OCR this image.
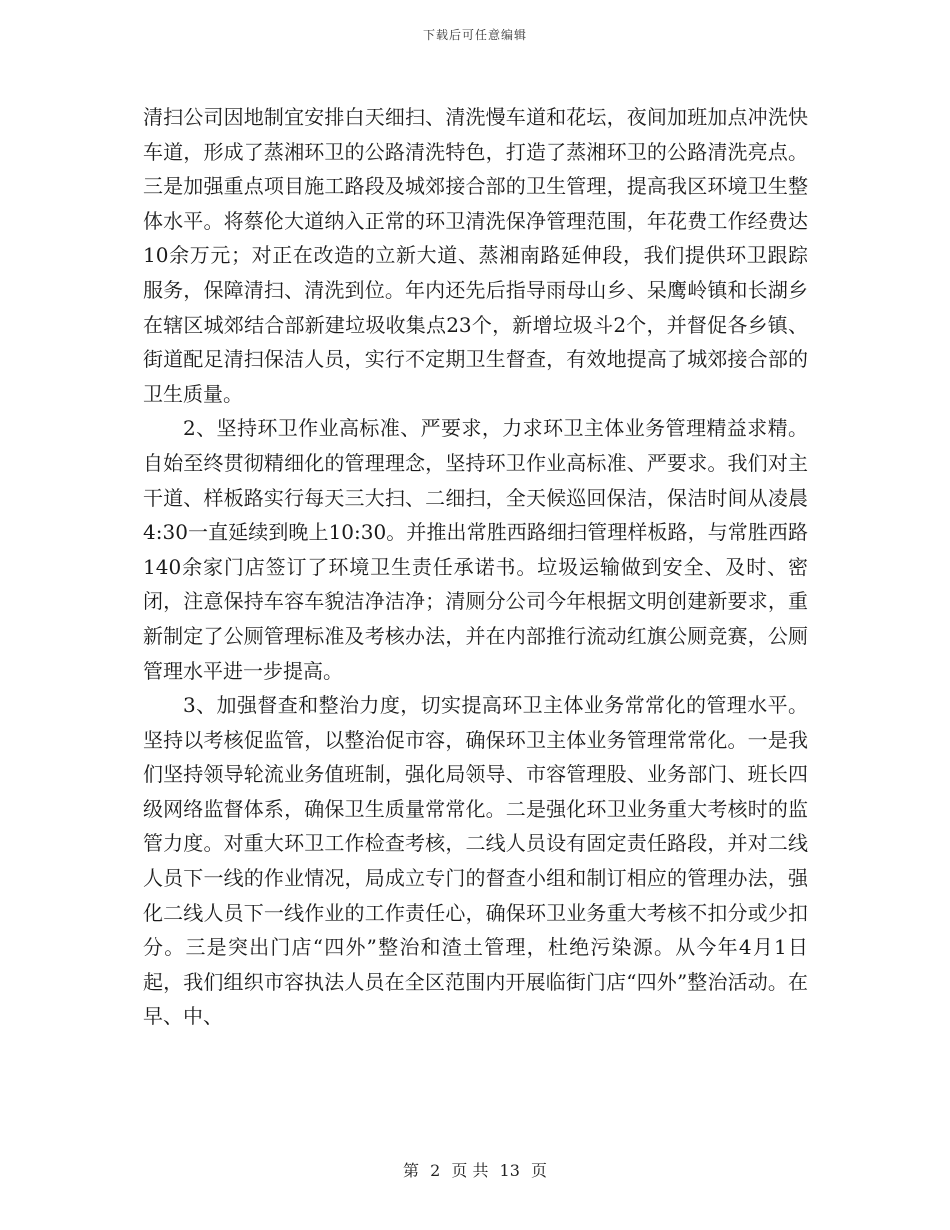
下载后可任意编辑

清扫公司因地制宜安排白天细扫、清洗慢车道和花坛，夜间加班加点冲洗快车道，形成了蒸湘环卫的公路清洗特色，打造了蒸湘环卫的公路清洗亮点。三是加强重点项目施工路段及城郊接合部的卫生管理，提高我区环境卫生整体水平。将蔡伦大道纳入正常的环卫清洗保净管理范围，年花费工作经费达10余万元；对正在改造的立新大道、蒸湘南路延伸段，我们提供环卫跟踪服务，保障清扫、清洗到位。年内还先后指导雨母山乡、呆鹰岭镇和长湖乡在辖区城郊结合部新建垃圾收集点23个，新增垃圾斗2个，并督促各乡镇、街道配足清扫保洁人员，实行不定期卫生督查，有效地提高了城郊接合部的卫生质量。

2、坚持环卫作业高标准、严要求，力求环卫主体业务管理精益求精。自始至终贯彻精细化的管理理念，坚持环卫作业高标准、严要求。我们对主干道、样板路实行每天三大扫、二细扫，全天候巡回保洁，保洁时间从凌晨4:30一直延续到晚上10:30。并推出常胜西路细扫管理样板路，与常胜西路140余家门店签订了环境卫生责任承诺书。垃圾运输做到安全、及时、密闭，注意保持车容车貌洁净洁净；清厕分公司今年根据文明创建新要求，重新制定了公厕管理标准及考核办法，并在内部推行流动红旗公厕竞赛，公厕管理水平进一步提高。

3、加强督查和整治力度，切实提高环卫主体业务常常化的管理水平。坚持以考核促监管，以整治促市容，确保环卫主体业务管理常常化。一是我们坚持领导轮流业务值班制，强化局领导、市容管理股、业务部门、班长四级网络监督体系，确保卫生质量常常化。二是强化环卫业务重大考核时的监管力度。对重大环卫工作检查考核，二线人员设有固定责任路段，并对二线人员下一线的作业情况，局成立专门的督查小组和制订相应的管理办法，强化二线人员下一线作业的工作责任心，确保环卫业务重大考核不扣分或少扣分。三是突出门店“四外”整治和渣土管理，杜绝污染源。从今年4月1日起，我们组织市容执法人员在全区范围内开展临街门店“四外”整治活动。在早、中、

第 2 页 共 13 页
